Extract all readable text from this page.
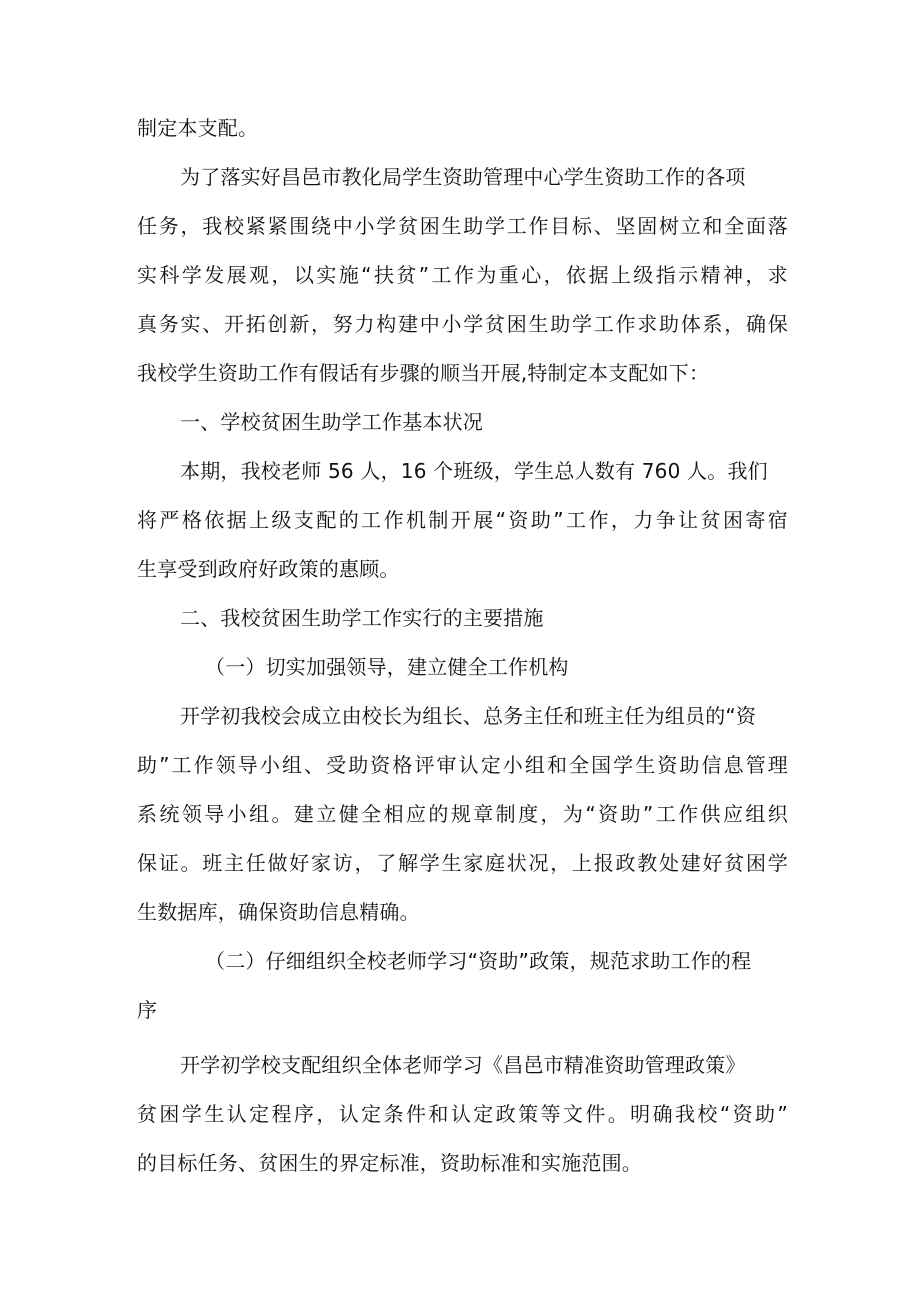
制定本支配。
为了落实好昌邑市教化局学生资助管理中心学生资助工作的各项
任务，我校紧紧围绕中小学贫困生助学工作目标、坚固树立和全面落
实科学发展观，以实施“扶贫”工作为重心，依据上级指示精神，求
真务实、开拓创新，努力构建中小学贫困生助学工作求助体系，确保
我校学生资助工作有假话有步骤的顺当开展,特制定本支配如下：
一、学校贫困生助学工作基本状况
本期，我校老师 56 人，16 个班级，学生总人数有 760 人。我们
将严格依据上级支配的工作机制开展“资助”工作，力争让贫困寄宿
生享受到政府好政策的惠顾。
二、我校贫困生助学工作实行的主要措施
（一）切实加强领导，建立健全工作机构
开学初我校会成立由校长为组长、总务主任和班主任为组员的“资
助”工作领导小组、受助资格评审认定小组和全国学生资助信息管理
系统领导小组。建立健全相应的规章制度，为“资助”工作供应组织
保证。班主任做好家访，了解学生家庭状况，上报政教处建好贫困学
生数据库，确保资助信息精确。
（二）仔细组织全校老师学习“资助”政策，规范求助工作的程
序
开学初学校支配组织全体老师学习《昌邑市精准资助管理政策》
贫困学生认定程序，认定条件和认定政策等文件。明确我校“资助”
的目标任务、贫困生的界定标准，资助标准和实施范围。
